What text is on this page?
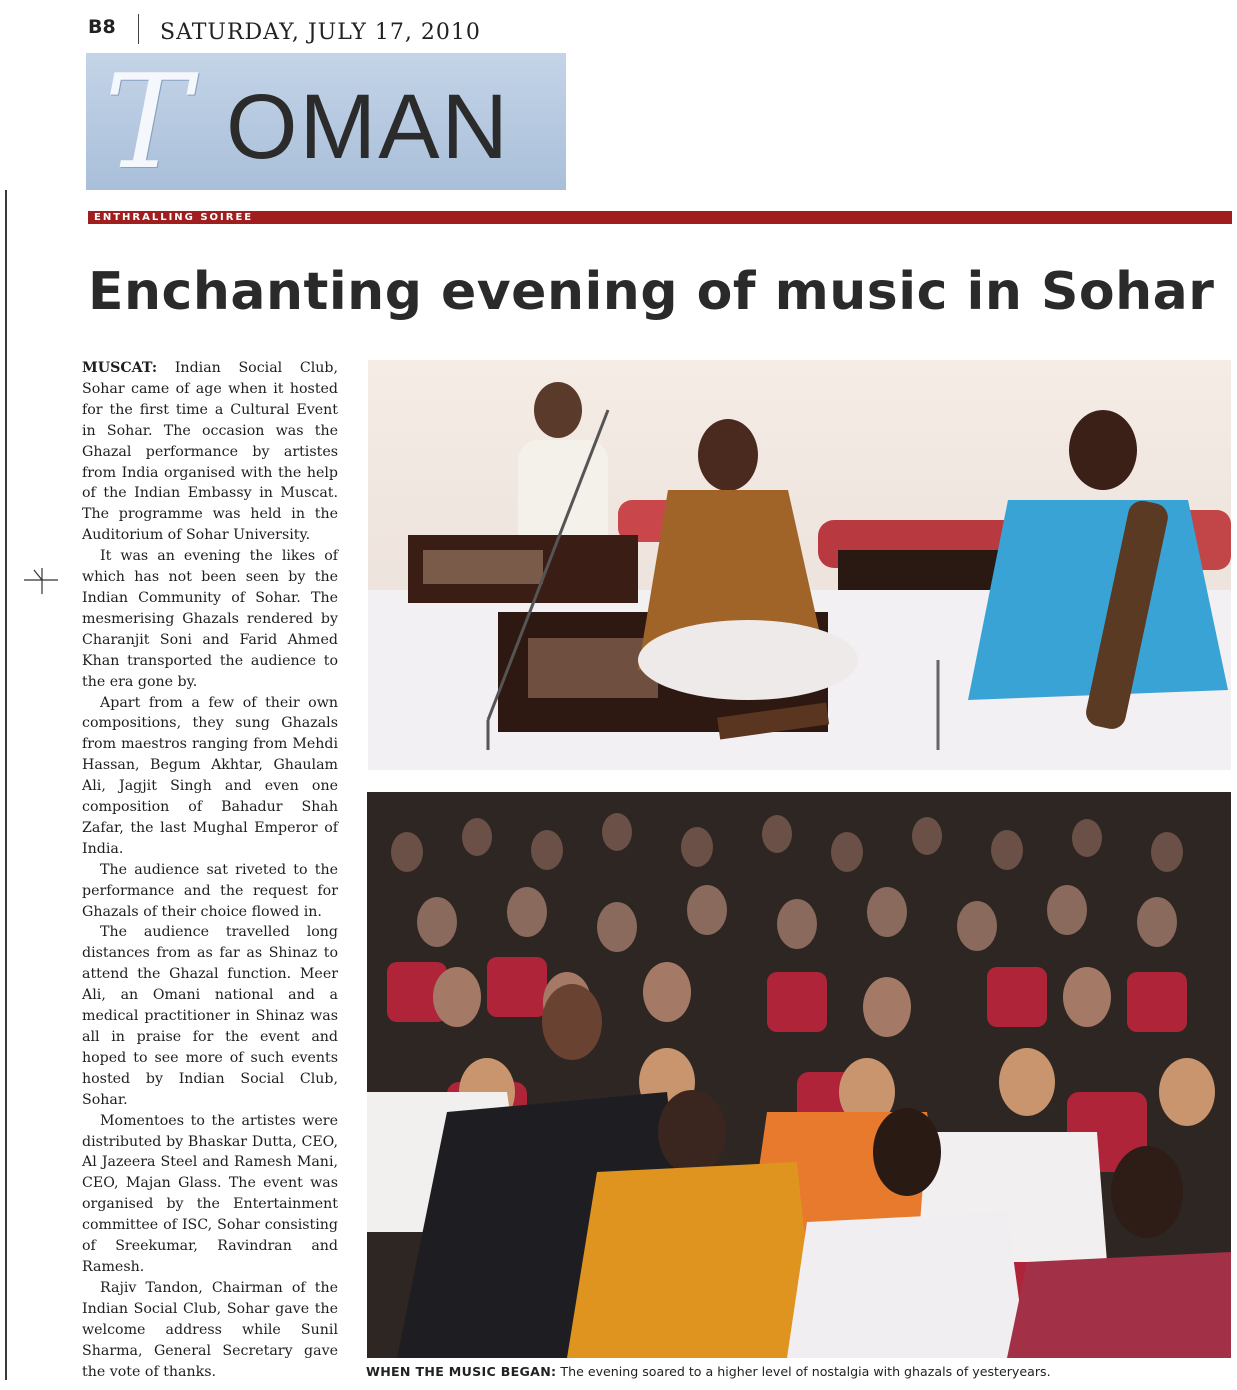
B8 SATURDAY, JULY 17, 2010
T OMAN
ENTHRALLING SOIREE
Enchanting evening of music in Sohar

MUSCAT: Indian Social Club, Sohar came of age when it hosted for the first time a Cultural Event in Sohar. The occasion was the Ghazal performance by artistes from India organised with the help of the Indian Embassy in Muscat. The programme was held in the Auditorium of Sohar University.

It was an evening the likes of which has not been seen by the Indian Community of Sohar. The mesmerising Ghazals rendered by Charanjit Soni and Farid Ahmed Khan transported the audience to the era gone by.

Apart from a few of their own compositions, they sung Ghazals from maestros ranging from Mehdi Hassan, Begum Akhtar, Ghaulam Ali, Jagjit Singh and even one composition of Bahadur Shah Zafar, the last Mughal Emperor of India.

The audience sat riveted to the performance and the request for Ghazals of their choice flowed in.

The audience travelled long distances from as far as Shinaz to attend the Ghazal function. Meer Ali, an Omani national and a medical practitioner in Shinaz was all in praise for the event and hoped to see more of such events hosted by Indian Social Club, Sohar.

Momentoes to the artistes were distributed by Bhaskar Dutta, CEO, Al Jazeera Steel and Ramesh Mani, CEO, Majan Glass. The event was organised by the Entertainment committee of ISC, Sohar consisting of Sreekumar, Ravindran and Ramesh.

Rajiv Tandon, Chairman of the Indian Social Club, Sohar gave the welcome address while Sunil Sharma, General Secretary gave the vote of thanks.	WHEN THE MUSIC BEGAN: The evening soared to a higher level of nostalgia with ghazals of yesteryears.
